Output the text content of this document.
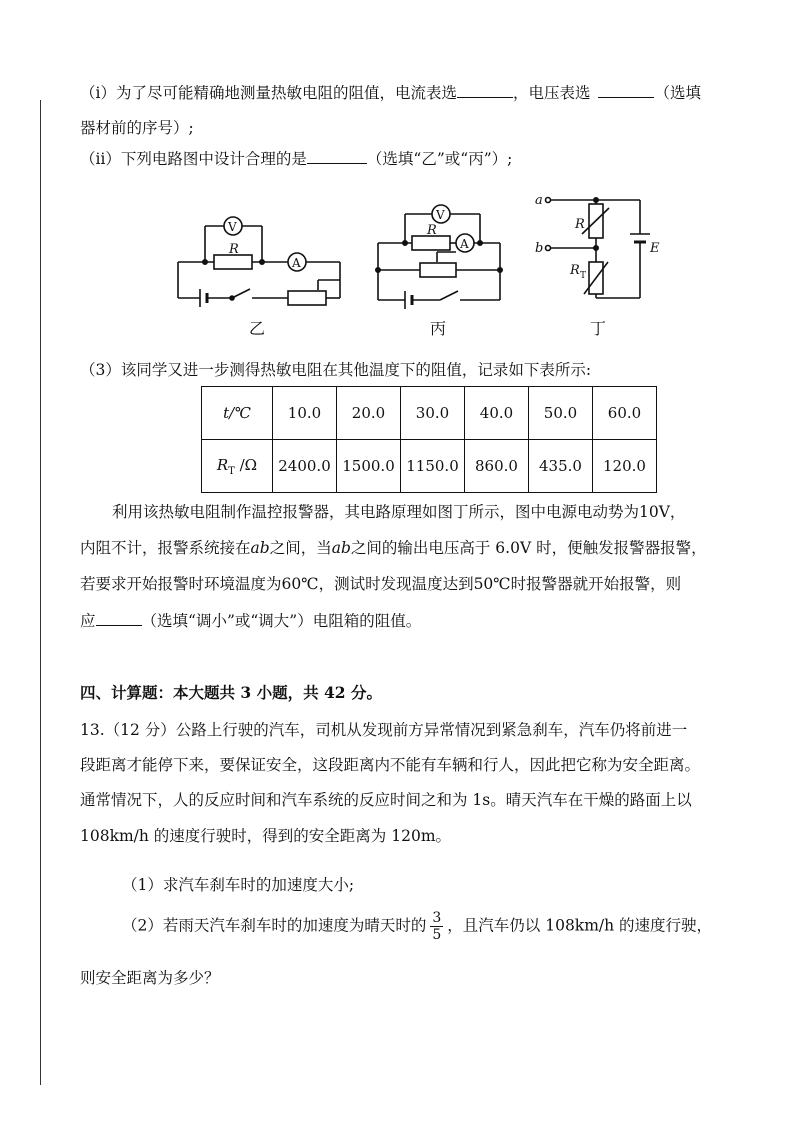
（ⅰ）为了尽可能精确地测量热敏电阻的阻值，电流表选	，电压表选	（选填
器材前的序号）;
（ⅱ）下列电路图中设计合理的是	（选填“乙”或“丙”）;
V
R
A
乙
V
R
A
丙
a
b
R
R T
E
丁
（3）该同学又进一步测得热敏电阻在其他温度下的阻值，记录如下表所示:
t/℃	10.0	20.0	30.0	40.0	50.0	60.0
$R_T$ /Ω	2400.0	1500.0	1150.0	860.0	435.0	120.0
利用该热敏电阻制作温控报警器，其电路原理如图丁所示，图中电源电动势为10V，
内阻不计，报警系统接在ab之间，当ab之间的输出电压高于 6.0V 时，便触发报警器报警，
若要求开始报警时环境温度为60℃，测试时发现温度达到50℃时报警器就开始报警，则
应	（选填“调小”或“调大”）电阻箱的阻值。
四、计算题：本大题共 3 小题，共 42 分。
13.（12 分）公路上行驶的汽车，司机从发现前方异常情况到紧急刹车，汽车仍将前进一
段距离才能停下来，要保证安全，这段距离内不能有车辆和行人，因此把它称为安全距离。
通常情况下，人的反应时间和汽车系统的反应时间之和为 1s。晴天汽车在干燥的路面上以
108km/h 的速度行驶时，得到的安全距离为 120m。
（1）求汽车刹车时的加速度大小;
（2）若雨天汽车刹车时的加速度为晴天时的 $\frac{3}{5}$ ，且汽车仍以 108km/h 的速度行驶，
则安全距离为多少？
